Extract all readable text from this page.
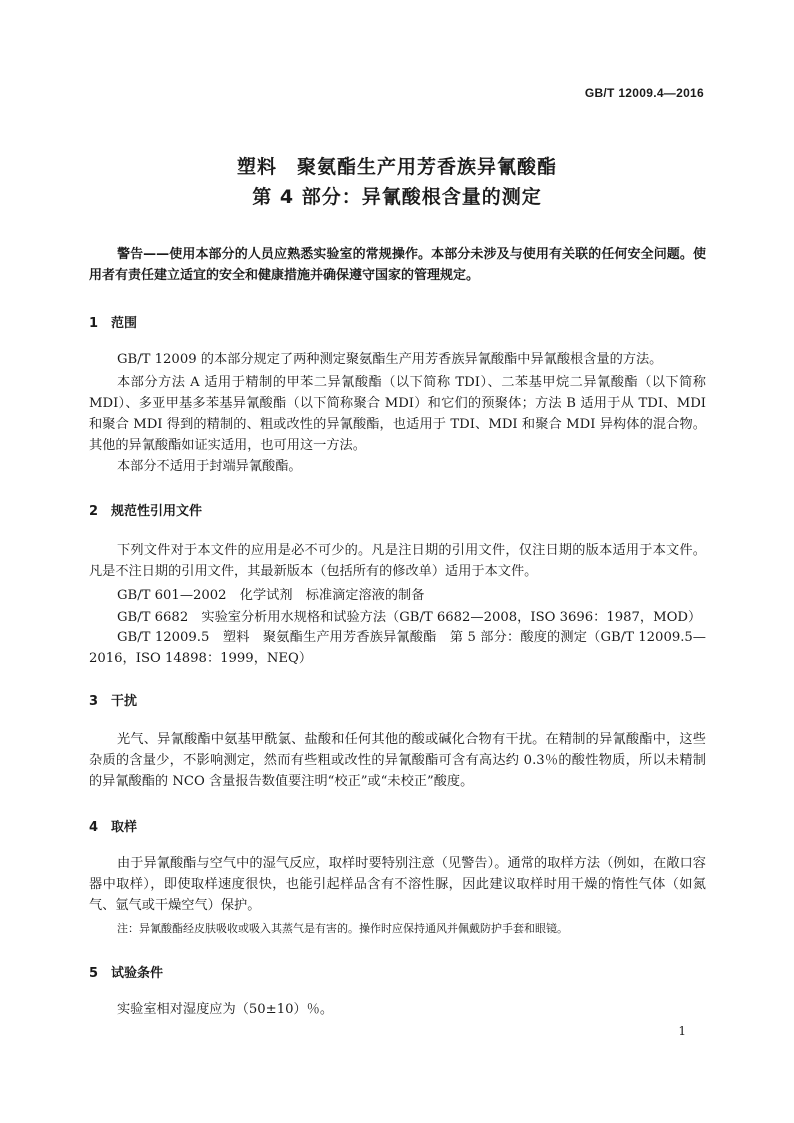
GB/T 12009.4—2016
塑料　聚氨酯生产用芳香族异氰酸酯
第 4 部分：异氰酸根含量的测定

警告——使用本部分的人员应熟悉实验室的常规操作。本部分未涉及与使用有关联的任何安全问题。使用者有责任建立适宜的安全和健康措施并确保遵守国家的管理规定。

1 范围

GB/T 12009 的本部分规定了两种测定聚氨酯生产用芳香族异氰酸酯中异氰酸根含量的方法。

本部分方法 A 适用于精制的甲苯二异氰酸酯（以下简称 TDI）、二苯基甲烷二异氰酸酯（以下简称 MDI）、多亚甲基多苯基异氰酸酯（以下简称聚合 MDI）和它们的预聚体；方法 B 适用于从 TDI、MDI 和聚合 MDI 得到的精制的、粗或改性的异氰酸酯，也适用于 TDI、MDI 和聚合 MDI 异构体的混合物。其他的异氰酸酯如证实适用，也可用这一方法。

本部分不适用于封端异氰酸酯。

2 规范性引用文件

下列文件对于本文件的应用是必不可少的。凡是注日期的引用文件，仅注日期的版本适用于本文件。凡是不注日期的引用文件，其最新版本（包括所有的修改单）适用于本文件。

GB/T 601—2002　化学试剂　标准滴定溶液的制备
GB/T 6682　实验室分析用水规格和试验方法（GB/T 6682—2008，ISO 3696：1987，MOD）

GB/T 12009.5　塑料　聚氨酯生产用芳香族异氰酸酯　第 5 部分：酸度的测定（GB/T 12009.5—2016，ISO 14898：1999，NEQ）

3 干扰

光气、异氰酸酯中氨基甲酰氯、盐酸和任何其他的酸或碱化合物有干扰。在精制的异氰酸酯中，这些杂质的含量少，不影响测定，然而有些粗或改性的异氰酸酯可含有高达约 0.3％的酸性物质，所以未精制的异氰酸酯的 NCO 含量报告数值要注明“校正”或“未校正”酸度。

4 取样

由于异氰酸酯与空气中的湿气反应，取样时要特别注意（见警告）。通常的取样方法（例如，在敞口容器中取样），即使取样速度很快，也能引起样品含有不溶性脲，因此建议取样时用干燥的惰性气体（如氮气、氩气或干燥空气）保护。

注：异氰酸酯经皮肤吸收或吸入其蒸气是有害的。操作时应保持通风并佩戴防护手套和眼镜。
5 试验条件

实验室相对湿度应为（50±10）％。

1
